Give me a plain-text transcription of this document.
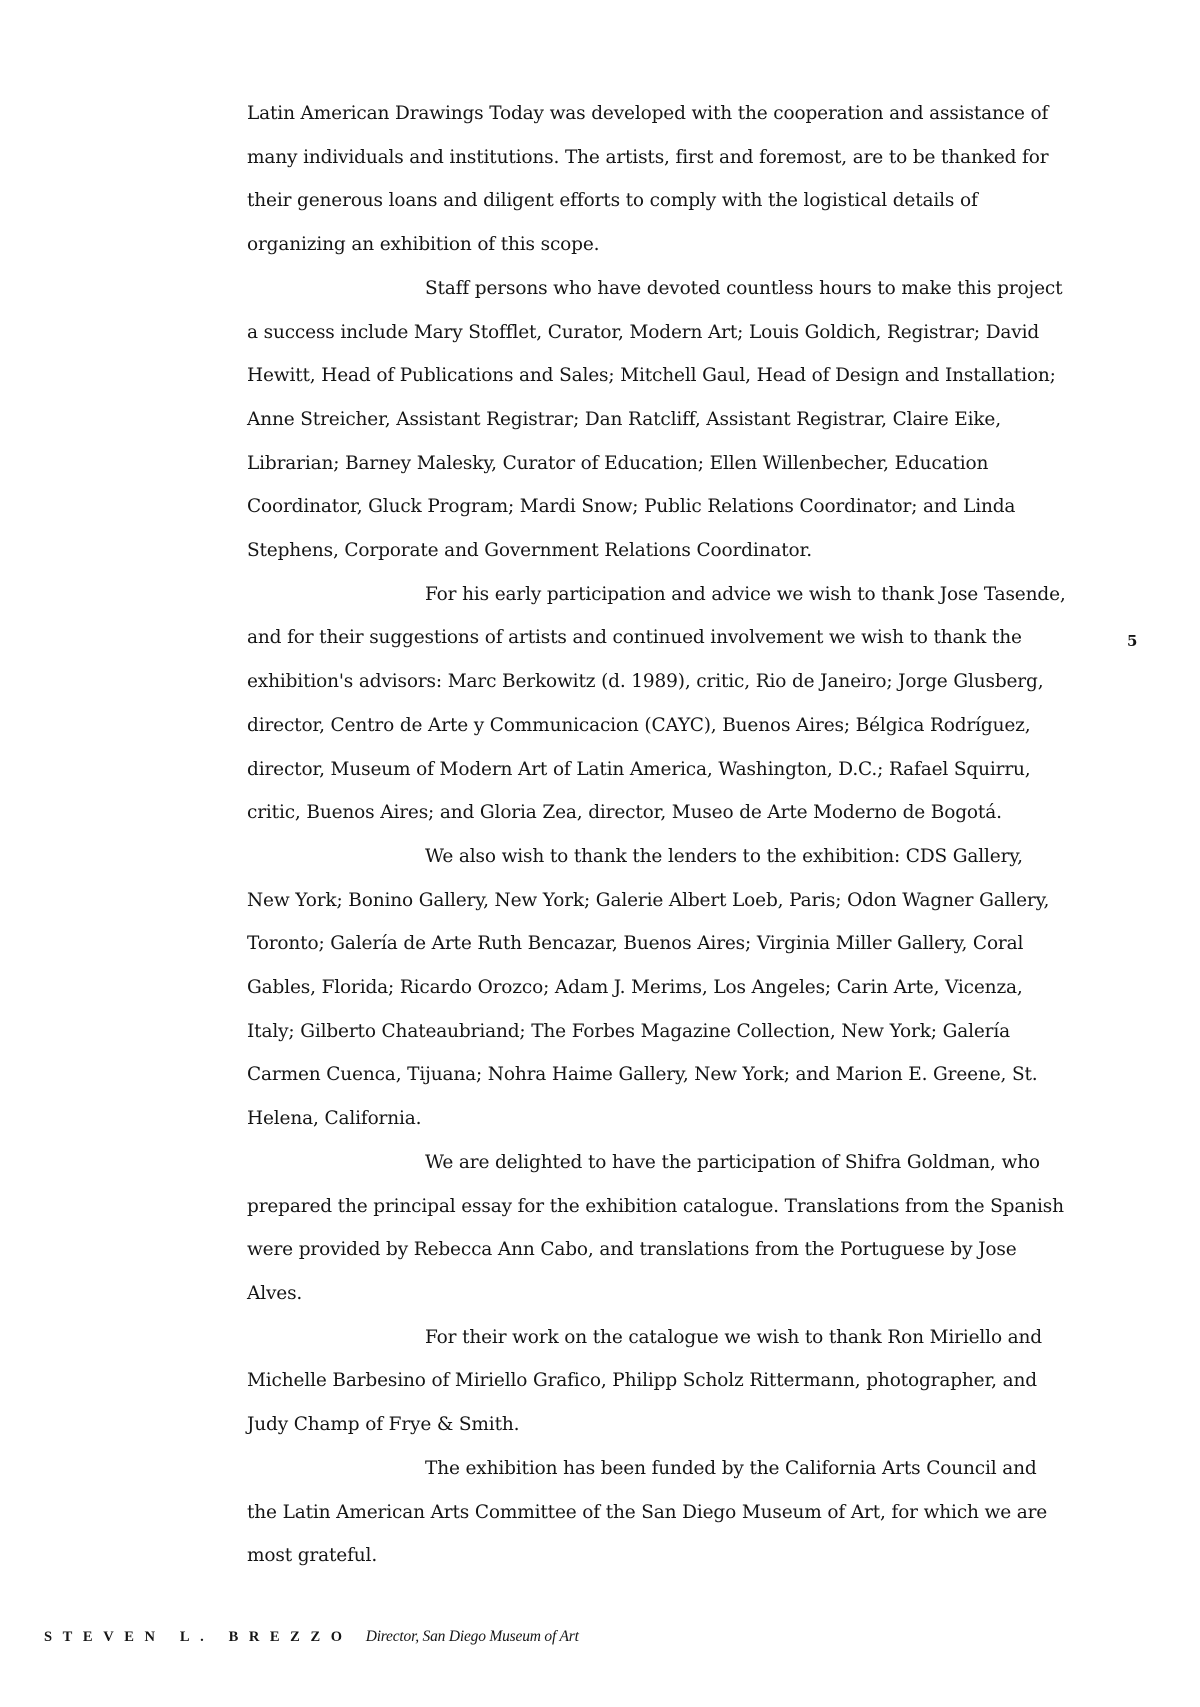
Latin American Drawings Today was developed with the cooperation and assistance of many individuals and institutions. The artists, first and foremost, are to be thanked for their generous loans and diligent efforts to comply with the logistical details of organizing an exhibition of this scope.

Staff persons who have devoted countless hours to make this project a success include Mary Stofflet, Curator, Modern Art; Louis Goldich, Registrar; David Hewitt, Head of Publications and Sales; Mitchell Gaul, Head of Design and Installation; Anne Streicher, Assistant Registrar; Dan Ratcliff, Assistant Registrar, Claire Eike, Librarian; Barney Malesky, Curator of Education; Ellen Willenbecher, Education Coordinator, Gluck Program; Mardi Snow; Public Relations Coordinator; and Linda Stephens, Corporate and Government Relations Coordinator.

For his early participation and advice we wish to thank Jose Tasende, and for their suggestions of artists and continued involvement we wish to thank the exhibition's advisors: Marc Berkowitz (d. 1989), critic, Rio de Janeiro; Jorge Glusberg, director, Centro de Arte y Communicacion (CAYC), Buenos Aires; Bélgica Rodríguez, director, Museum of Modern Art of Latin America, Washington, D.C.; Rafael Squirru, critic, Buenos Aires; and Gloria Zea, director, Museo de Arte Moderno de Bogotá.

We also wish to thank the lenders to the exhibition: CDS Gallery, New York; Bonino Gallery, New York; Galerie Albert Loeb, Paris; Odon Wagner Gallery, Toronto; Galería de Arte Ruth Bencazar, Buenos Aires; Virginia Miller Gallery, Coral Gables, Florida; Ricardo Orozco; Adam J. Merims, Los Angeles; Carin Arte, Vicenza, Italy; Gilberto Chateaubriand; The Forbes Magazine Collection, New York; Galería Carmen Cuenca, Tijuana; Nohra Haime Gallery, New York; and Marion E. Greene, St. Helena, California.

We are delighted to have the participation of Shifra Goldman, who prepared the principal essay for the exhibition catalogue. Translations from the Spanish were provided by Rebecca Ann Cabo, and translations from the Portuguese by Jose Alves.

For their work on the catalogue we wish to thank Ron Miriello and Michelle Barbesino of Miriello Grafico, Philipp Scholz Rittermann, photographer, and Judy Champ of Frye & Smith.

The exhibition has been funded by the California Arts Council and the Latin American Arts Committee of the San Diego Museum of Art, for which we are most grateful.

5
STEVEN L. BREZZO Director, San Diego Museum of Art
